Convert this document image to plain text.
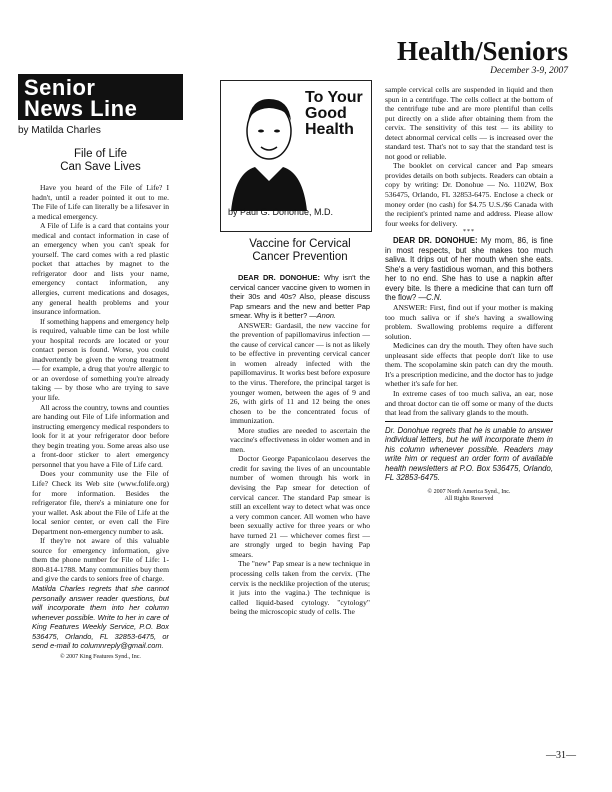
Health/Seniors
December 3-9, 2007
Senior
News Line
by Matilda Charles
File of Life
Can Save Lives

Have you heard of the File of Life? I hadn't, until a reader pointed it out to me. The File of Life can literally be a lifesaver in a medical emergency.

A File of Life is a card that contains your medical and contact information in case of an emergency when you can't speak for yourself. The card comes with a red plastic pocket that attaches by magnet to the refrigerator door and lists your name, emergency contact information, any allergies, current medications and dosages, any general health problems and your insurance information.

If something happens and emergency help is required, valuable time can be lost while your hospital records are located or your contact person is found. Worse, you could inadvertently be given the wrong treatment — for example, a drug that you're allergic to or an overdose of something you're already taking — by those who are trying to save your life.

All across the country, towns and counties are handing out File of Life information and instructing emergency medical responders to look for it at your refrigerator door before they begin treating you. Some areas also use a front-door sticker to alert emergency personnel that you have a File of Life card.

Does your community use the File of Life? Check its Web site (www.folife.org) for more information. Besides the refrigerator file, there's a miniature one for your wallet. Ask about the File of Life at the local senior center, or even call the Fire Department non-emergency number to ask.

If they're not aware of this valuable source for emergency information, give them the phone number for File of Life: 1-800-814-1788. Many communities buy them and give the cards to seniors free of charge.

Matilda Charles regrets that she cannot personally answer reader questions, but will incorporate them into her column whenever possible. Write to her in care of King Features Weekly Service, P.O. Box 536475, Orlando, FL 32853-6475, or send e-mail to columnreply@gmail.com.

© 2007 King Features Synd., Inc.

To Your
Good
Health
by Paul G. Donohue, M.D.
Vaccine for Cervical
Cancer Prevention

DEAR DR. DONOHUE: Why isn't the cervical cancer vaccine given to women in their 30s and 40s? Also, please discuss Pap smears and the new and better Pap smear. Why is it better? —Anon.

ANSWER: Gardasil, the new vaccine for the prevention of papillomavirus infection — the cause of cervical cancer — is not as likely to be effective in preventing cervical cancer in women already infected with the papillomavirus. It works best before exposure to the virus. Therefore, the principal target is younger women, between the ages of 9 and 26, with girls of 11 and 12 being the ones chosen to be the concentrated focus of immunization.

More studies are needed to ascertain the vaccine's effectiveness in older women and in men.

Doctor George Papanicolaou deserves the credit for saving the lives of an uncountable number of women through his work in devising the Pap smear for detection of cervical cancer. The standard Pap smear is still an excellent way to detect what was once a very common cancer. All women who have been sexually active for three years or who have turned 21 — whichever comes first — are strongly urged to begin having Pap smears.

The "new" Pap smear is a new technique in processing cells taken from the cervix. (The cervix is the necklike projection of the uterus; it juts into the vagina.) The technique is called liquid-based cytology. "cytology" being the microscopic study of cells. The

sample cervical cells are suspended in liquid and then spun in a centrifuge. The cells collect at the bottom of the centrifuge tube and are more plentiful than cells put directly on a slide after obtaining them from the cervix. The sensitivity of this test — its ability to detect abnormal cervical cells — is increased over the standard test. That's not to say that the standard test is not good or reliable.

The booklet on cervical cancer and Pap smears provides details on both subjects. Readers can obtain a copy by writing: Dr. Donohue — No. 1102W, Box 536475, Orlando, FL 32853-6475. Enclose a check or money order (no cash) for $4.75 U.S./$6 Canada with the recipient's printed name and address. Please allow four weeks for delivery.

***

DEAR DR. DONOHUE: My mom, 86, is fine in most respects, but she makes too much saliva. It drips out of her mouth when she eats. She's a very fastidious woman, and this bothers her to no end. She has to use a napkin after every bite. Is there a medicine that can turn off the flow? —C.N.

ANSWER: First, find out if your mother is making too much saliva or if she's having a swallowing problem. Swallowing problems require a different solution.

Medicines can dry the mouth. They often have such unpleasant side effects that people don't like to use them. The scopolamine skin patch can dry the mouth. It's a prescription medicine, and the doctor has to judge whether it's safe for her.

In extreme cases of too much saliva, an ear, nose and throat doctor can tie off some or many of the ducts that lead from the salivary glands to the mouth.

Dr. Donohue regrets that he is unable to answer individual letters, but he will incorporate them in his column whenever possible. Readers may write him or request an order form of available health newsletters at P.O. Box 536475, Orlando, FL 32853-6475.

© 2007 North America Synd., Inc.

All Rights Reserved

—31—
